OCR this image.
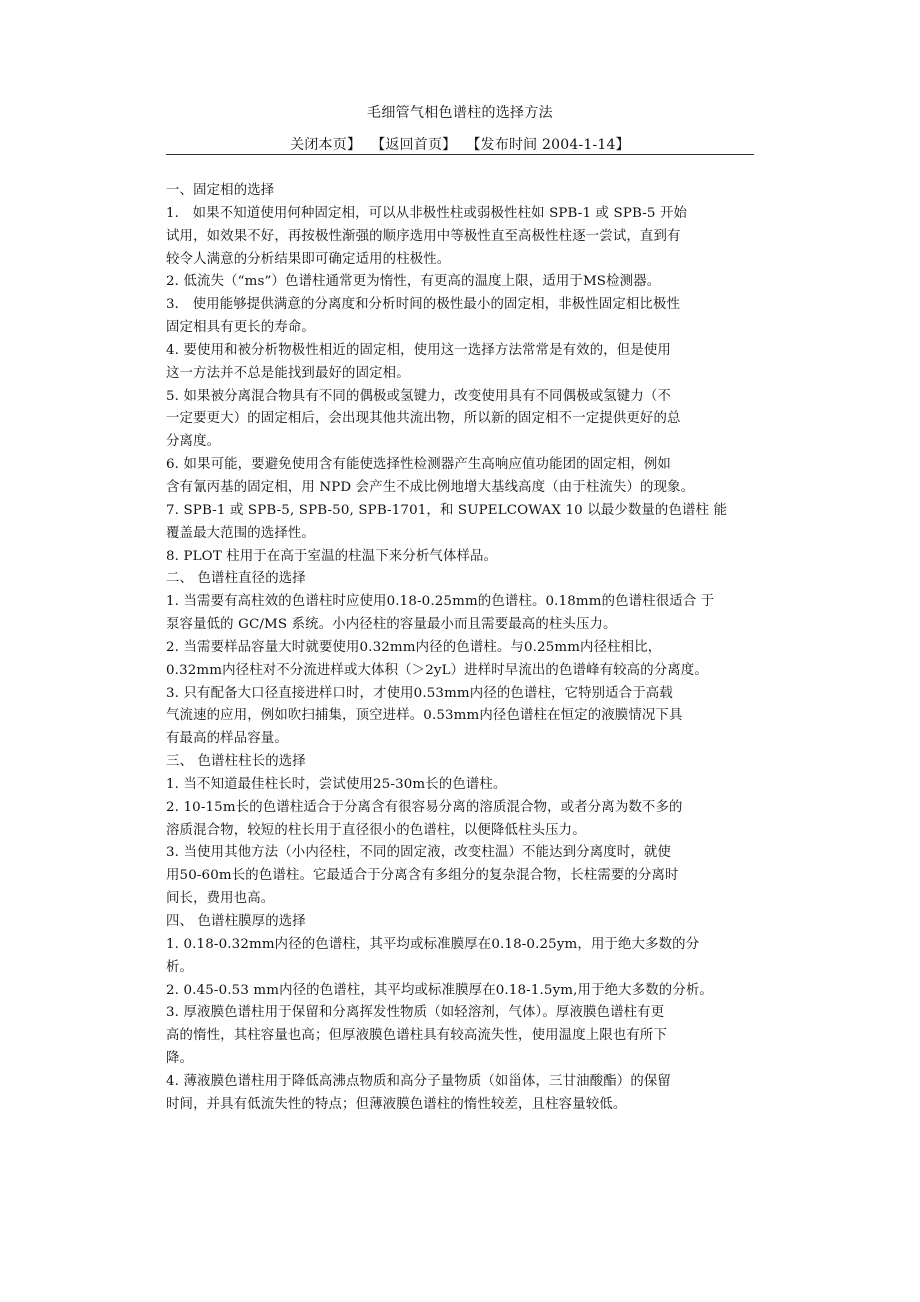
毛细管气相色谱柱的选择方法
关闭本页】 【返回首页】 【发布时间 2004-1-14】
一、固定相的选择
1． 如果不知道使用何种固定相，可以从非极性柱或弱极性柱如 SPB-1 或 SPB-5 开始
试用，如效果不好，再按极性渐强的顺序选用中等极性直至高极性柱逐一尝试，直到有
较令人满意的分析结果即可确定适用的柱极性。
2. 低流失（“ms”）色谱柱通常更为惰性，有更高的温度上限，适用于MS检测器。
3． 使用能够提供满意的分离度和分析时间的极性最小的固定相，非极性固定相比极性
固定相具有更长的寿命。
4. 要使用和被分析物极性相近的固定相，使用这一选择方法常常是有效的，但是使用
这一方法并不总是能找到最好的固定相。
5. 如果被分离混合物具有不同的偶极或氢键力，改变使用具有不同偶极或氢键力（不
一定要更大）的固定相后，会出现其他共流出物，所以新的固定相不一定提供更好的总
分离度。
6. 如果可能，要避免使用含有能使选择性检测器产生高响应值功能团的固定相，例如
含有氰丙基的固定相，用 NPD 会产生不成比例地增大基线高度（由于柱流失）的现象。
7. SPB-1 或 SPB-5, SPB-50, SPB-1701，和 SUPELCOWAX 10 以最少数量的色谱柱 能
覆盖最大范围的选择性。
8. PLOT 柱用于在高于室温的柱温下来分析气体样品。
二、 色谱柱直径的选择
1. 当需要有高柱效的色谱柱时应使用0.18-0.25mm的色谱柱。0.18mm的色谱柱很适合 于
泵容量低的 GC/MS 系统。小内径柱的容量最小而且需要最高的柱头压力。
2. 当需要样品容量大时就要使用0.32mm内径的色谱柱。与0.25mm内径柱相比，
0.32mm内径柱对不分流进样或大体积（＞2yL）进样时早流出的色谱峰有较高的分离度。
3. 只有配备大口径直接进样口时，才使用0.53mm内径的色谱柱，它特别适合于高载
气流速的应用，例如吹扫捕集，顶空进样。0.53mm内径色谱柱在恒定的液膜情况下具
有最高的样品容量。
三、 色谱柱柱长的选择
1. 当不知道最佳柱长时，尝试使用25-30m长的色谱柱。
2. 10-15m长的色谱柱适合于分离含有很容易分离的溶质混合物，或者分离为数不多的
溶质混合物，较短的柱长用于直径很小的色谱柱，以便降低柱头压力。
3. 当使用其他方法（小内径柱，不同的固定液，改变柱温）不能达到分离度时，就使
用50-60m长的色谱柱。它最适合于分离含有多组分的复杂混合物，长柱需要的分离时
间长，费用也高。
四、 色谱柱膜厚的选择
1. 0.18-0.32mm内径的色谱柱，其平均或标准膜厚在0.18-0.25ym，用于绝大多数的分
析。
2. 0.45-0.53 mm内径的色谱柱，其平均或标准膜厚在0.18-1.5ym,用于绝大多数的分析。
3. 厚液膜色谱柱用于保留和分离挥发性物质（如轻溶剂，气体）。厚液膜色谱柱有更
高的惰性，其柱容量也高；但厚液膜色谱柱具有较高流失性，使用温度上限也有所下
降。
4. 薄液膜色谱柱用于降低高沸点物质和高分子量物质（如甾体，三甘油酸酯）的保留
时间，并具有低流失性的特点；但薄液膜色谱柱的惰性较差，且柱容量较低。
